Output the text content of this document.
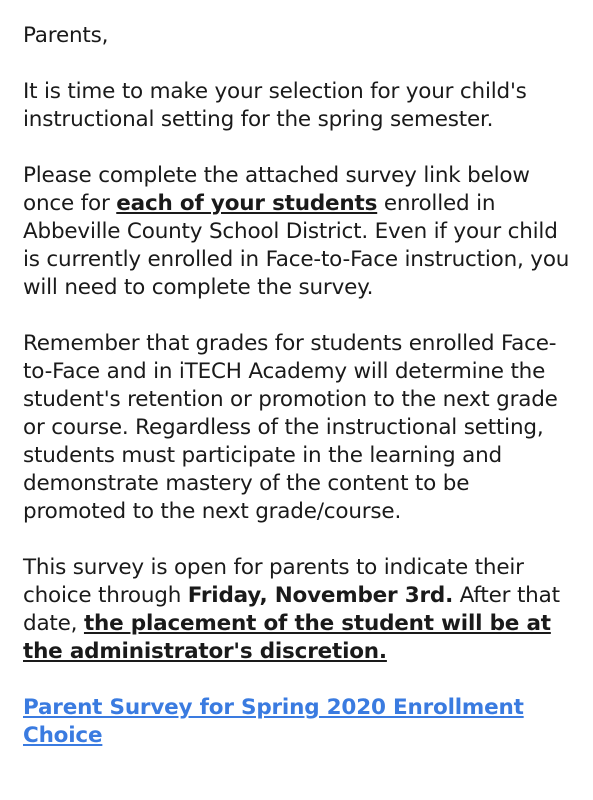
Parents,

It is time to make your selection for your child's instructional setting for the spring semester.

Please complete the attached survey link below once for each of your students enrolled in Abbeville County School District. Even if your child is currently enrolled in Face-to-Face instruction, you will need to complete the survey.

Remember that grades for students enrolled Face-to-Face and in iTECH Academy will determine the student's retention or promotion to the next grade or course. Regardless of the instructional setting, students must participate in the learning and demonstrate mastery of the content to be promoted to the next grade/course.

This survey is open for parents to indicate their choice through Friday, November 3rd. After that date, the placement of the student will be at the administrator's discretion.

Parent Survey for Spring 2020 Enrollment Choice
